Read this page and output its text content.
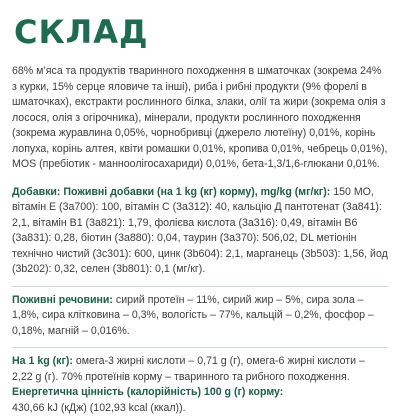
СКЛАД
68% м’яса та продуктів тваринного походження в шматочках (зокрема 24% з курки, 15% серце яловиче та інші), риба і рибні продукти (9% форелі в шматочках), екстракти рослинного білка, злаки, олії та жири (зокрема олія з лосося, олія з огірочника), мінерали, продукти рослинного походження (зокрема журавлина 0,05%, чорнобривці (джерело лютеїну) 0,01%, корінь лопуха, корінь алтея, квіти ромашки 0,01%, кропива 0,01%, чебрець 0,01%), MOS (пребіотик - манноолігосахариди) 0,01%, бета-1,3/1,6-глюкани 0,01%.
Добавки: Поживні добавки (на 1 kg (кг) корму), mg/kg (мг/кг): 150 МО, вітамін Е (3а700): 100, вітамін С (3а312): 40, кальцію Д пантотенат (3а841): 2,1, вітамін В1 (3а821): 1,79, фолієва кислота (3а316): 0,49, вітамін В6 (3а831): 0,28, біотин (3а880): 0,04, таурин (3а370): 506,02, DL метіонін технічно чистий (3с301): 600, цинк (3b604): 2,1, марганець (3b503): 1,56, йод (3b202): 0,32, селен (3b801): 0,1 (мг/кг).
Поживні речовини: сирий протеїн – 11%, сирий жир – 5%, сира зола – 1,8%, сира клітковина – 0,3%, вологість – 77%, кальцій – 0,2%, фосфор – 0,18%, магній – 0,016%.
На 1 kg (кг): омега-3 жирні кислоти – 0,71 g (г), омега-6 жирні кислоти – 2,22 g (г). 70% протеїнів корму – тваринного та рибного походження.
Енергетична цінність (калорійність) 100 g (г) корму:
430,66 kJ (кДж) (102,93 kcal (ккал)).
